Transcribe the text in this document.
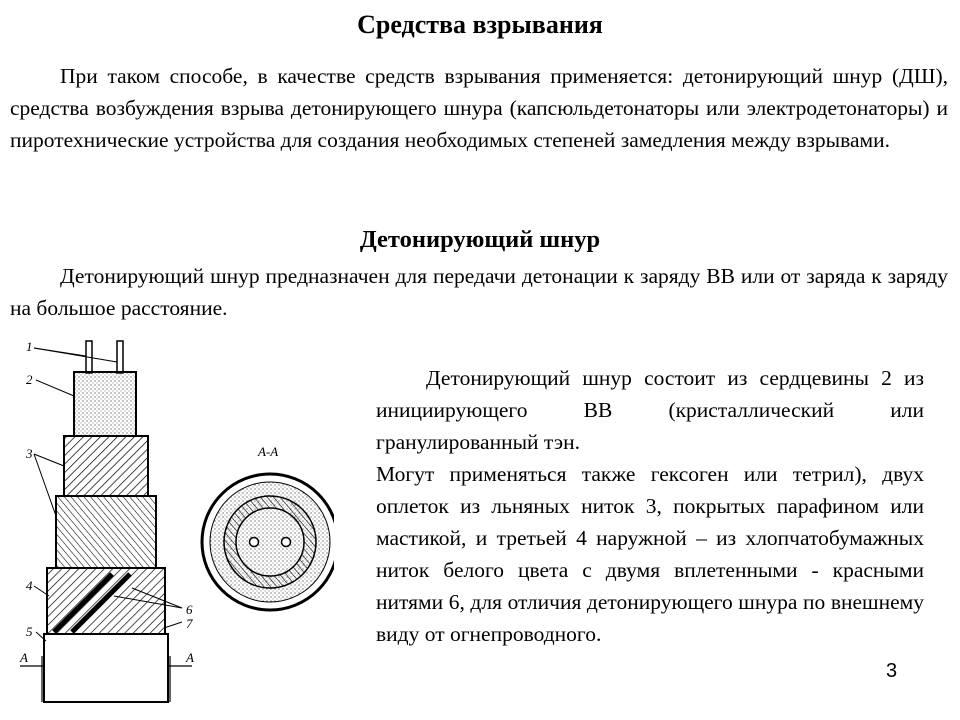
Средства взрывания

При таком способе, в качестве средств взрывания применяется: детонирующий шнур (ДШ), средства возбуждения взрыва детонирующего шнура (капсюльдетонаторы или электродетонаторы) и пиротехнические устройства для создания необходимых степеней замедления между взрывами.

Детонирующий шнур

Детонирующий шнур предназначен для передачи детонации к заряду ВВ или от заряда к заряду на большое расстояние.

Детонирующий шнур состоит из сердцевины 2 из инициирующего ВВ (кристаллический или гранулированный тэн.
Могут применяться также гексоген или тетрил), двух оплеток из льняных ниток 3, покрытых парафином или мастикой, и третьей 4 наружной – из хлопчатобумажных ниток белого цвета с двумя вплетенными - красными нитями 6, для отличия детонирующего шнура по внешнему виду от огнепроводного.
1
2
3
4
5
6
7
А	А
А-А
3
